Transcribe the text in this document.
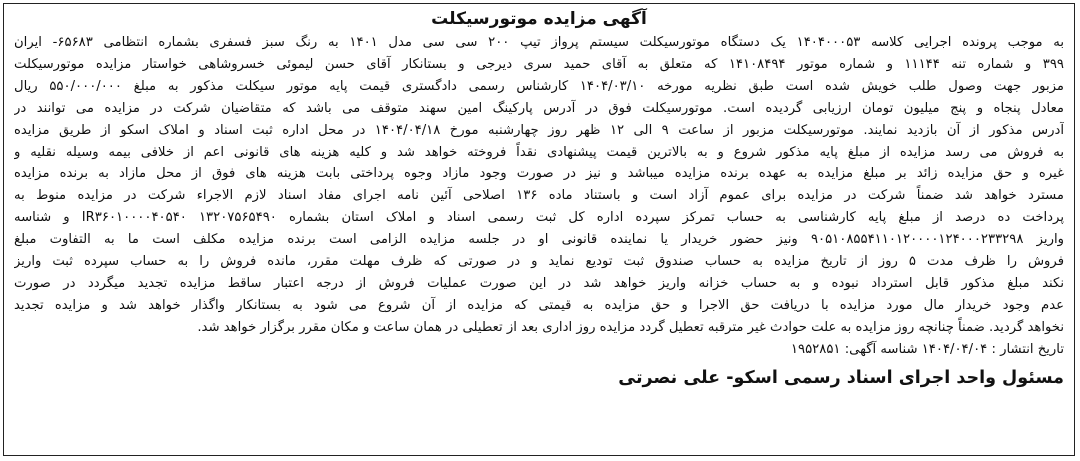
آگهی مزایده موتورسیکلت
به موجب پرونده اجرایی کلاسه ۱۴۰۴۰۰۰۵۳ یک دستگاه موتورسیکلت سیستم پرواز تیپ ۲۰۰ سی سی مدل ۱۴۰۱ به رنگ سبز فسفری بشماره انتظامی ۶۵۶۸۳- ایران
۳۹۹ و شماره تنه ۱۱۱۴۴ و شماره موتور ۱۴۱۰۸۴۹۴ که متعلق به آقای حمید سری دیرجی و بستانکار آقای حسن لیموئی خسروشاهی خواستار مزایده موتورسیکلت
مزبور جهت وصول طلب خویش شده است طبق نظریه مورخه ۱۴۰۴/۰۳/۱۰ کارشناس رسمی دادگستری قیمت پایه موتور سیکلت مذکور به مبلغ ۵۵۰/۰۰۰/۰۰۰ ریال
معادل پنجاه و پنج میلیون تومان ارزیابی گردیده است. موتورسیکلت فوق در آدرس پارکینگ امین سهند متوقف می باشد که متقاضیان شرکت در مزایده می توانند در
آدرس مذکور از آن بازدید نمایند. موتورسیکلت مزبور از ساعت ۹ الی ۱۲ ظهر روز چهارشنبه مورخ ۱۴۰۴/۰۴/۱۸ در محل اداره ثبت اسناد و املاک اسکو از طریق مزایده
به فروش می رسد مزایده از مبلغ پایه مذکور شروع و به بالاترین قیمت پیشنهادی نقداً فروخته خواهد شد و کلیه هزینه های قانونی اعم از خلافی بیمه وسیله نقلیه و
غیره و حق مزایده زائد بر مبلغ مزایده به عهده برنده مزایده میباشد و نیز در صورت وجود مازاد وجوه پرداختی بابت هزینه های فوق از محل مازاد به برنده مزایده
مسترد خواهد شد ضمناً شرکت در مزایده برای عموم آزاد است و باستناد ماده ۱۳۶ اصلاحی آئین نامه اجرای مفاد اسناد لازم الاجراء شرکت در مزایده منوط به
پرداخت ده درصد از مبلغ پایه کارشناسی به حساب تمرکز سپرده اداره کل ثبت رسمی اسناد و املاک استان بشماره IR۳۶۰۱۰۰۰۰۴۰۵۴۰ ۱۳۲۰۷۵۶۵۴۹۰ و شناسه
واریز ۹۰۵۱۰۸۵۵۴۱۱۰۱۲۰۰۰۰۱۲۴۰۰۰۲۳۳۲۹۸ ونیز حضور خریدار یا نماینده قانونی او در جلسه مزایده الزامی است برنده مزایده مکلف است ما به التفاوت مبلغ
فروش را ظرف مدت ۵ روز از تاریخ مزایده به حساب صندوق ثبت تودیع نماید و در صورتی که ظرف مهلت مقرر، مانده فروش را به حساب سپرده ثبت واریز
نکند مبلغ مذکور قابل استرداد نبوده و به حساب خزانه واریز خواهد شد در این صورت عملیات فروش از درجه اعتبار ساقط مزایده تجدید میگردد در صورت
عدم وجود خریدار مال مورد مزایده با دریافت حق الاجرا و حق مزایده به قیمتی که مزایده از آن شروع می شود به بستانکار واگذار خواهد شد و مزایده تجدید
نخواهد گردید. ضمناً چنانچه روز مزایده به علت حوادث غیر مترقبه تعطیل گردد مزایده روز اداری بعد از تعطیلی در همان ساعت و مکان مقرر برگزار خواهد شد.
تاریخ انتشار : ۱۴۰۴/۰۴/۰۴ شناسه آگهی: ۱۹۵۲۸۵۱
مسئول واحد اجرای اسناد رسمی اسکو- علی نصرتی
